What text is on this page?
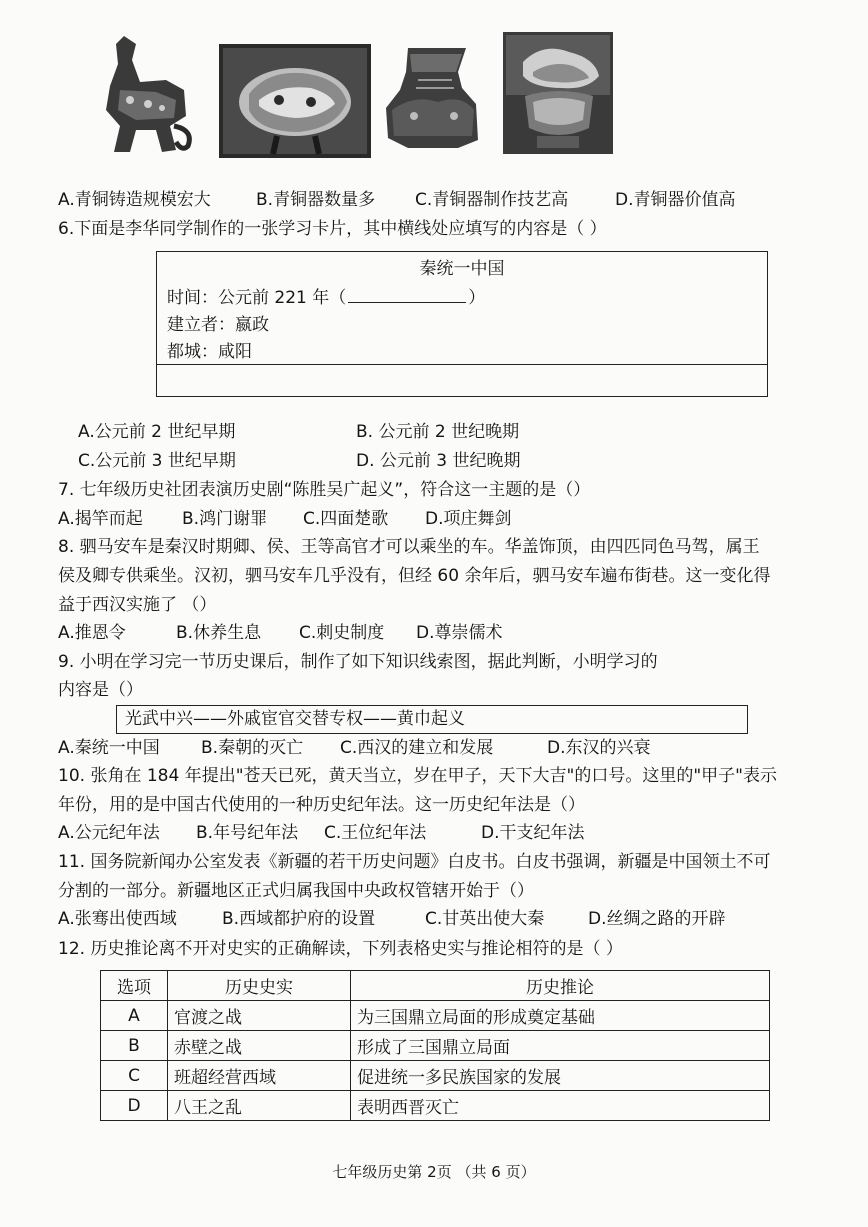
A.青铜铸造规模宏大	B.青铜器数量多 C.青铜器制作技艺高	D.青铜器价值高
6.下面是李华同学制作的一张学习卡片，其中横线处应填写的内容是（ ）
秦统一中国
时间：公元前 221 年（	）
建立者：嬴政
都城：咸阳
A.公元前 2 世纪早期	B. 公元前 2 世纪晚期
C.公元前 3 世纪早期	D. 公元前 3 世纪晚期
7. 七年级历史社团表演历史剧“陈胜吴广起义”，符合这一主题的是（）
A.揭竿而起 B.鸿门谢罪 C.四面楚歌 D.项庄舞剑
8. 驷马安车是秦汉时期卿、侯、王等高官才可以乘坐的车。华盖饰顶，由四匹同色马驾，属王
侯及卿专供乘坐。汉初，驷马安车几乎没有，但经 60 余年后，驷马安车遍布街巷。这一变化得
益于西汉实施了 （）
A.推恩令	B.休养生息 C.刺史制度 D.尊崇儒术
9. 小明在学习完一节历史课后，制作了如下知识线索图，据此判断，小明学习的
内容是（）
光武中兴——外戚宦官交替专权——黄巾起义
A.秦统一中国 B.秦朝的灭亡 C.西汉的建立和发展	D.东汉的兴衰
10. 张角在 184 年提出"苍天已死，黄天当立，岁在甲子，天下大吉"的口号。这里的"甲子"表示
年份，用的是中国古代使用的一种历史纪年法。这一历史纪年法是（）
A.公元纪年法 B.年号纪年法 C.王位纪年法	D.干支纪年法
11. 国务院新闻办公室发表《新疆的若干历史问题》白皮书。白皮书强调，新疆是中国领土不可
分割的一部分。新疆地区正式归属我国中央政权管辖开始于（）
A.张骞出使西域	B.西域都护府的设置	C.甘英出使大秦	D.丝绸之路的开辟
12. 历史推论离不开对史实的正确解读，下列表格史实与推论相符的是（ ）
选项	历史史实	历史推论
A	官渡之战	为三国鼎立局面的形成奠定基础
B	赤壁之战	形成了三国鼎立局面
C	班超经营西域	促进统一多民族国家的发展
D	八王之乱	表明西晋灭亡
七年级历史第 2页 （共 6 页）
